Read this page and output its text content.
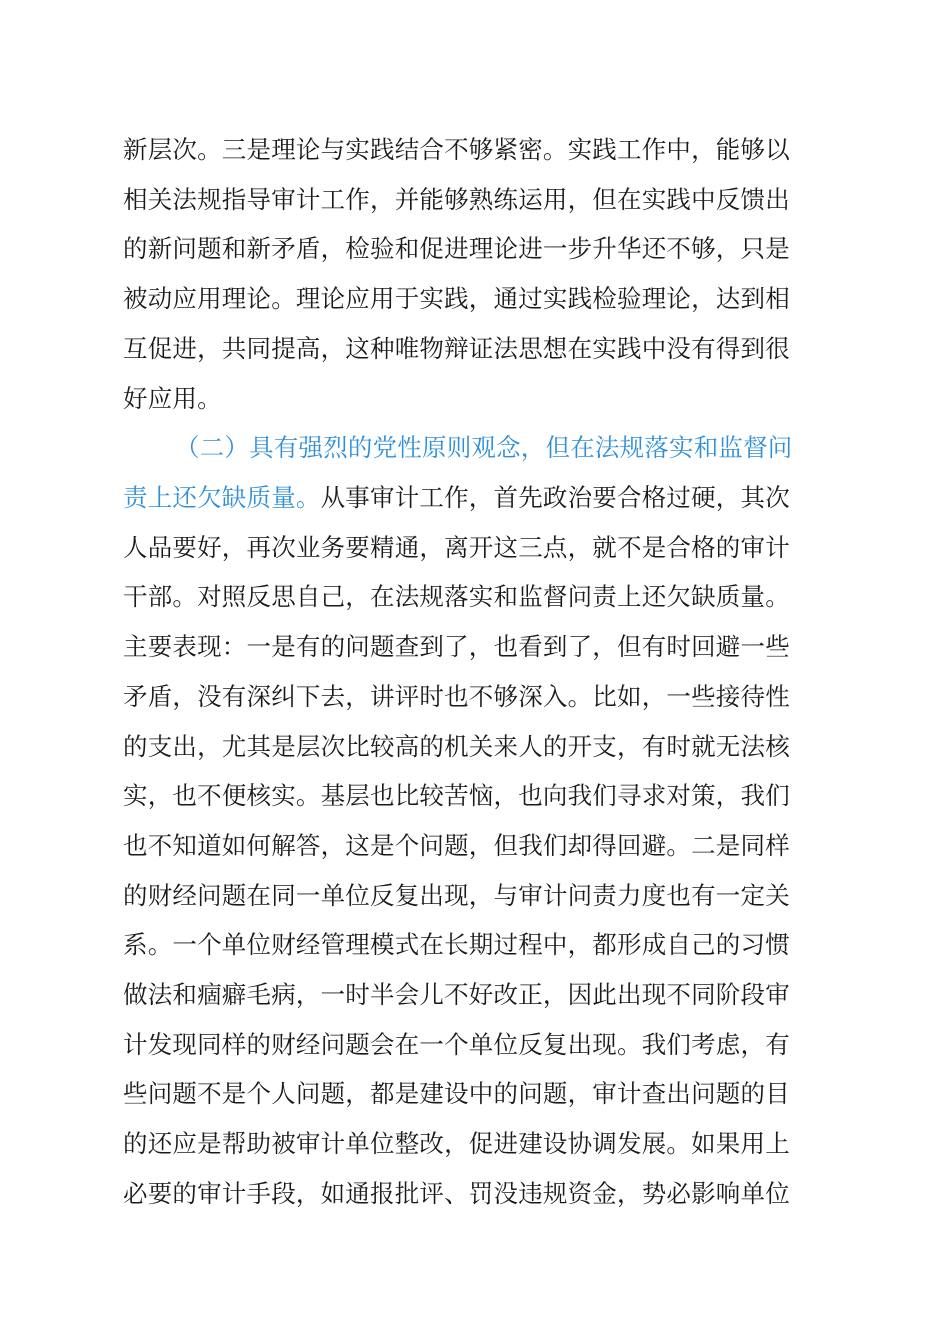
新层次。三是理论与实践结合不够紧密。实践工作中，能够以
相关法规指导审计工作，并能够熟练运用，但在实践中反馈出
的新问题和新矛盾，检验和促进理论进一步升华还不够，只是
被动应用理论。理论应用于实践，通过实践检验理论，达到相
互促进，共同提高，这种唯物辩证法思想在实践中没有得到很
好应用。
（二）具有强烈的党性原则观念，但在法规落实和监督问
责上还欠缺质量。从事审计工作，首先政治要合格过硬，其次
人品要好，再次业务要精通，离开这三点，就不是合格的审计
干部。对照反思自己，在法规落实和监督问责上还欠缺质量。
主要表现：一是有的问题查到了，也看到了，但有时回避一些
矛盾，没有深纠下去，讲评时也不够深入。比如，一些接待性
的支出，尤其是层次比较高的机关来人的开支，有时就无法核
实，也不便核实。基层也比较苦恼，也向我们寻求对策，我们
也不知道如何解答，这是个问题，但我们却得回避。二是同样
的财经问题在同一单位反复出现，与审计问责力度也有一定关
系。一个单位财经管理模式在长期过程中，都形成自己的习惯
做法和痼癖毛病，一时半会儿不好改正，因此出现不同阶段审
计发现同样的财经问题会在一个单位反复出现。我们考虑，有
些问题不是个人问题，都是建设中的问题，审计查出问题的目
的还应是帮助被审计单位整改，促进建设协调发展。如果用上
必要的审计手段，如通报批评、罚没违规资金，势必影响单位
